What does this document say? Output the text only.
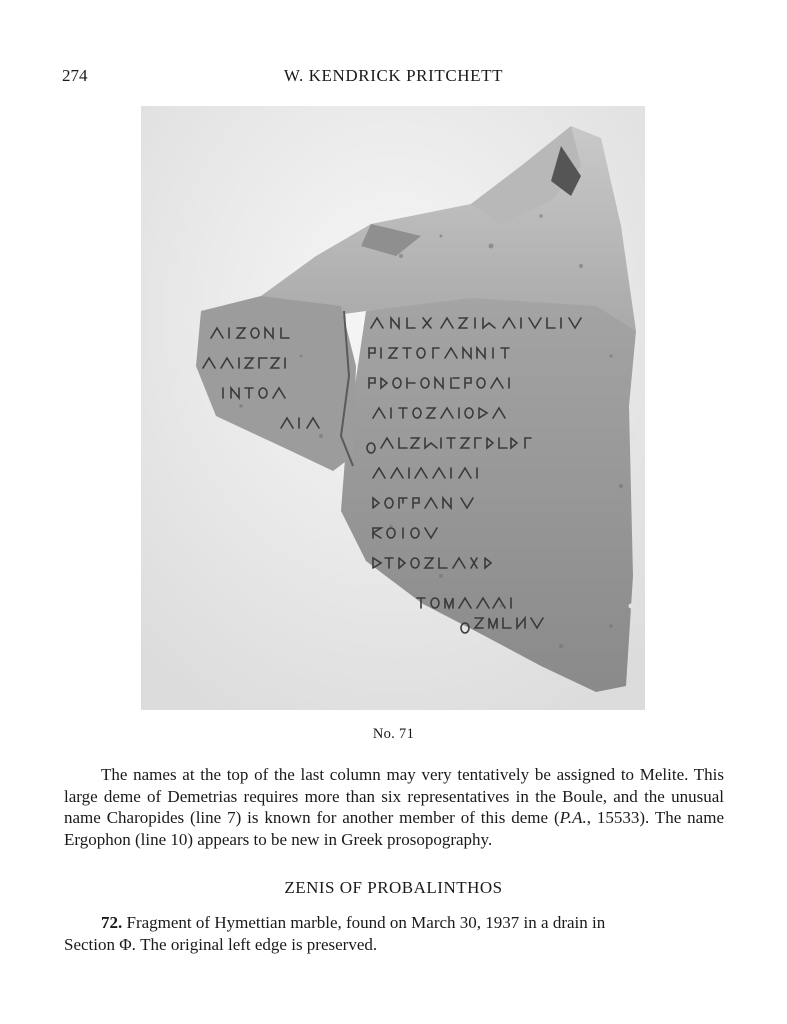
274	W. KENDRICK PRITCHETT
No. 71

The names at the top of the last column may very tentatively be assigned to Melite. This large deme of Demetrias requires more than six representatives in the Boule, and the unusual name Charopides (line 7) is known for another member of this deme (P.A., 15533). The name Ergophon (line 10) appears to be new in Greek prosopography.

ZENIS OF PROBALINTHOS

72. Fragment of Hymettian marble, found on March 30, 1937 in a drain in
Section Φ. The original left edge is preserved.
